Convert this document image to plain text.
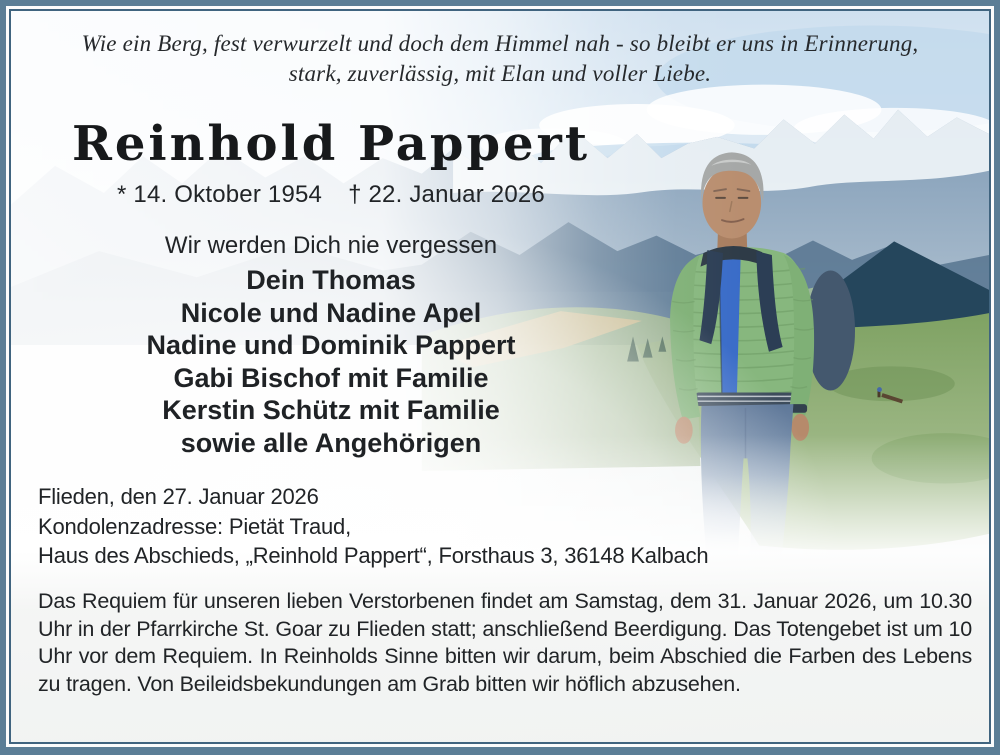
Wie ein Berg, fest verwurzelt und doch dem Himmel nah - so bleibt er uns in Erinnerung,
stark, zuverlässig, mit Elan und voller Liebe.
Reinhold Pappert
* 14. Oktober 1954 † 22. Januar 2026
Wir werden Dich nie vergessen
Dein Thomas
Nicole und Nadine Apel
Nadine und Dominik Pappert
Gabi Bischof mit Familie
Kerstin Schütz mit Familie
sowie alle Angehörigen
Flieden, den 27. Januar 2026
Kondolenzadresse: Pietät Traud,
Haus des Abschieds, „Reinhold Pappert“, Forsthaus 3, 36148 Kalbach
Das Requiem für unseren lieben Verstorbenen findet am Samstag, dem 31. Januar 2026, um 10.30 Uhr in der Pfarrkirche St. Goar zu Flieden statt; anschließend Beerdigung. Das Totengebet ist um 10 Uhr vor dem Requiem. In Reinholds Sinne bitten wir darum, beim Abschied die Farben des Lebens zu tragen. Von Beileidsbekundungen am Grab bitten wir höflich abzusehen.
